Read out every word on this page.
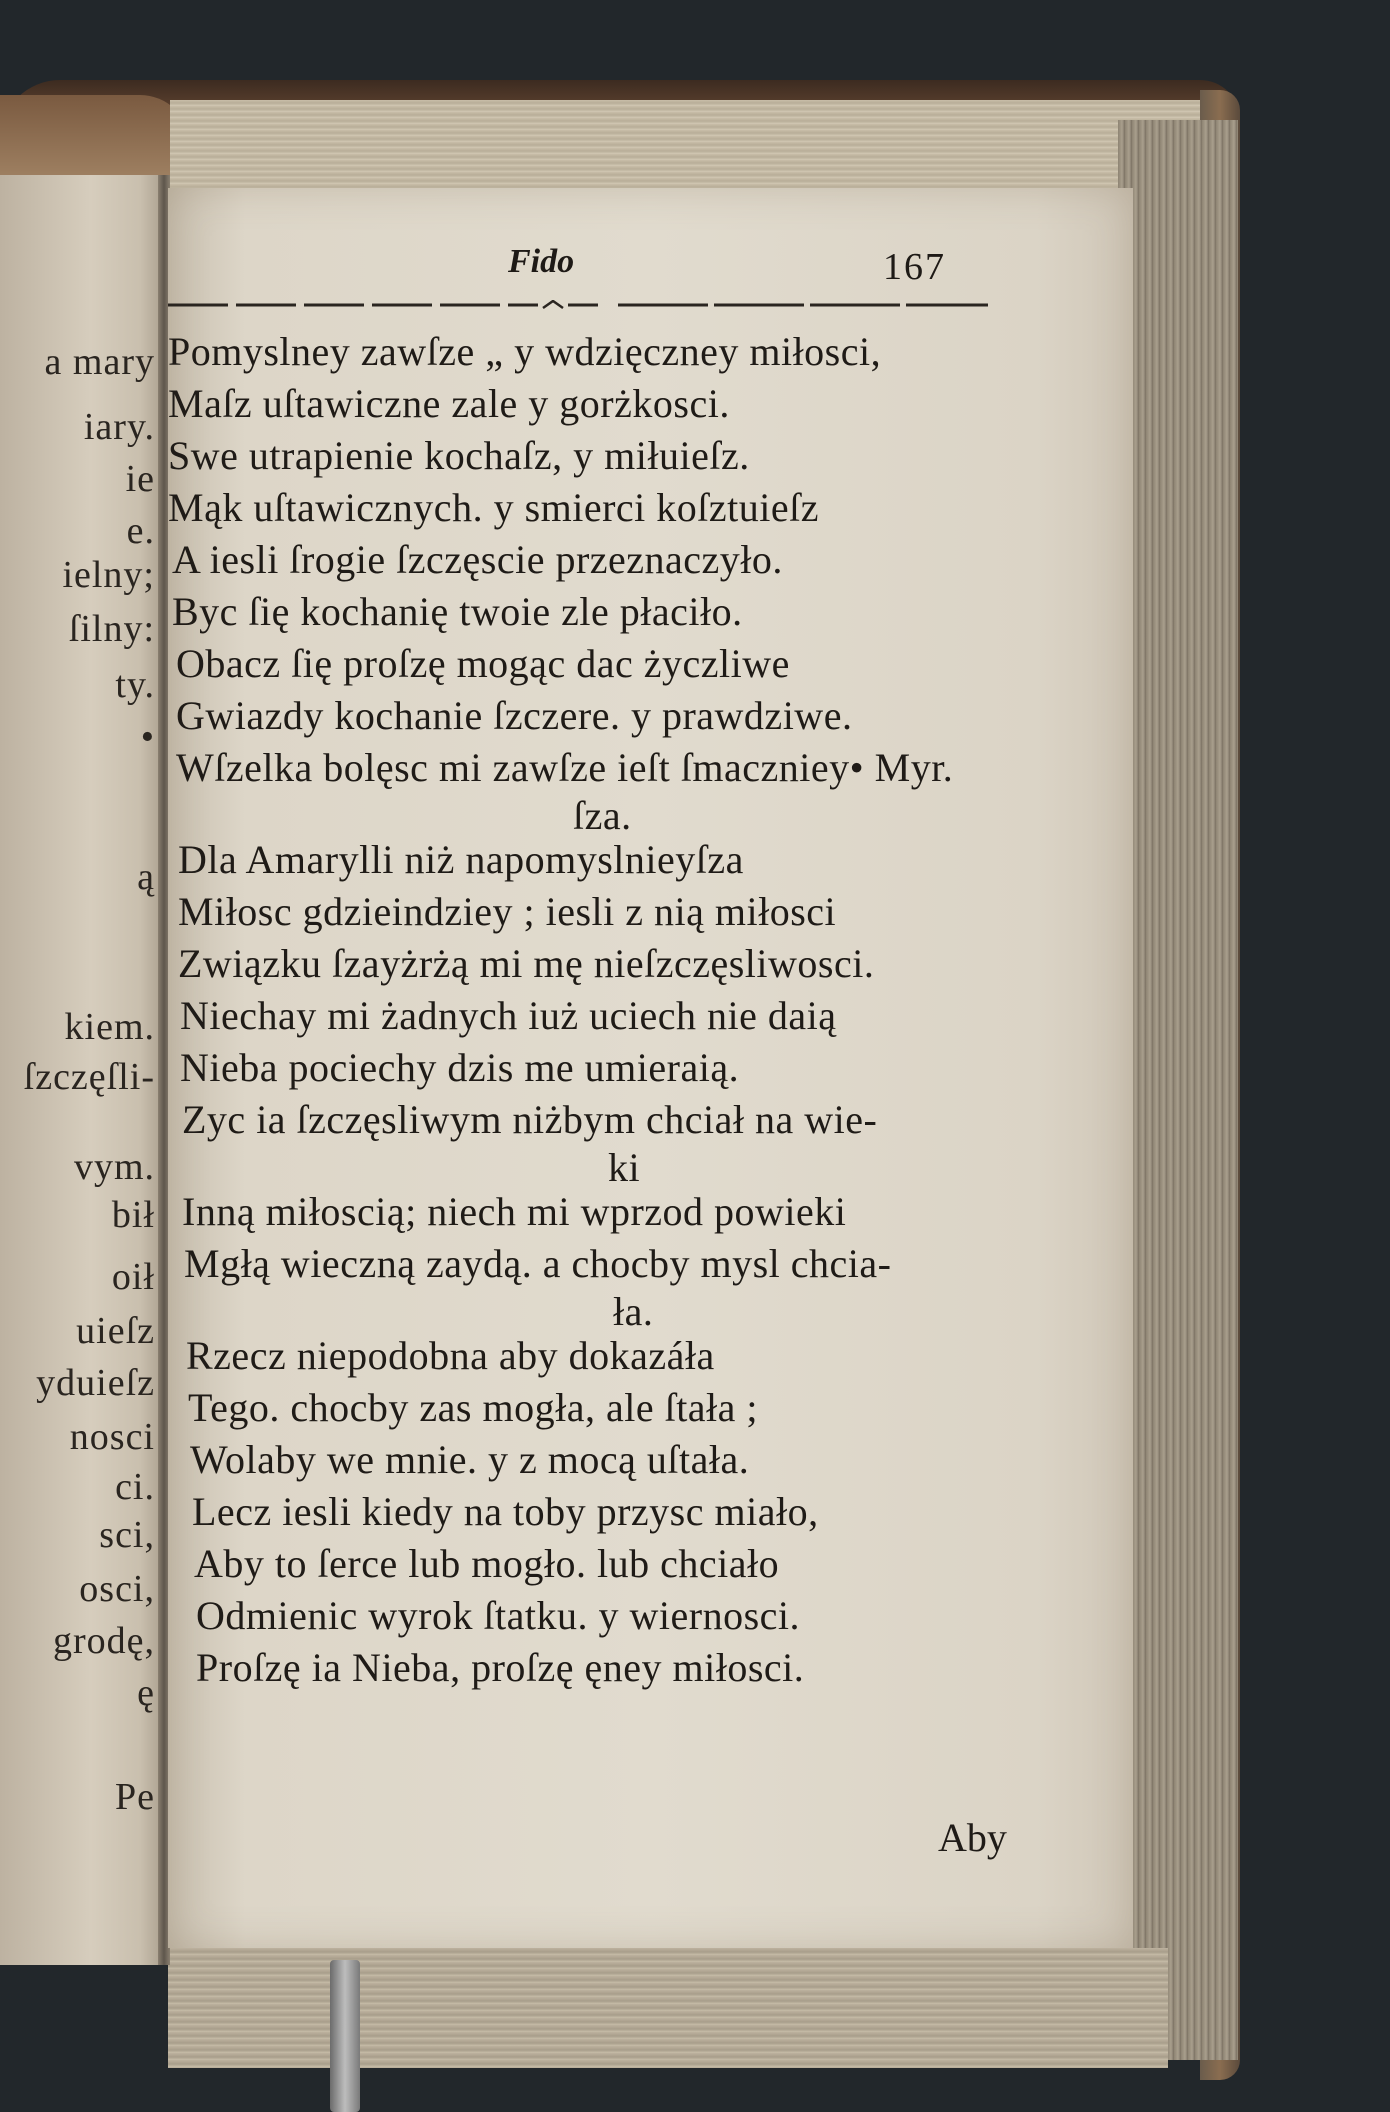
a mary
iary.
ie
e.
ielny;
ſilny:
ty.
•
ą
kiem.
ſzczęſli-
vym.
bił
oił
uieſz
yduieſz
nosci
ci.
sci,
osci,
grodę,
ę
Pe
Fido	167
Pomyslney zawſze „ y wdzięczney miłosci,
Maſz uſtawiczne zale y gorżkosci.
Swe utrapienie kochaſz, y miłuieſz.
Mąk uſtawicznych. y smierci koſztuieſz
A iesli ſrogie ſzczęscie przeznaczyło.
Byc ſię kochanię twoie zle płaciło.
Obacz ſię proſzę mogąc dac życzliwe
Gwiazdy kochanie ſzczere. y prawdziwe.
Wſzelka bolęsc mi zawſze ieſt ſmaczniey• Myr.
ſza.
Dla Amarylli niż napomyslnieyſza
Miłosc gdzieindziey ; iesli z nią miłosci
Związku ſzayżrżą mi mę nieſzczęsliwosci.
Niechay mi żadnych iuż uciech nie daią
Nieba pociechy dzis me umieraią.
Zyc ia ſzczęsliwym niżbym chciał na wie-
ki
Inną miłoscią; niech mi wprzod powieki
Mgłą wieczną zaydą. a chocby mysl chcia-
ła.
Rzecz niepodobna aby dokazáła
Tego. chocby zas mogła, ale ſtała ;
Wolaby we mnie. y z mocą uſtała.
Lecz iesli kiedy na toby przysc miało,
Aby to ſerce lub mogło. lub chciało
Odmienic wyrok ſtatku. y wiernosci.
Proſzę ia Nieba, proſzę ęney miłosci.
Aby
